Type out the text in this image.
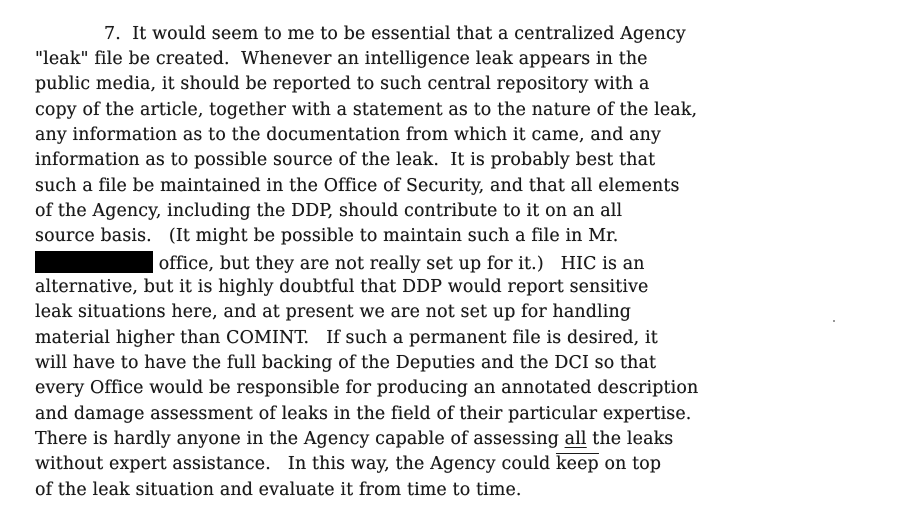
7. It would seem to me to be essential that a centralized Agency

"leak" file be created.  Whenever an intelligence leak appears in the

public media, it should be reported to such central repository with a

copy of the article, together with a statement as to the nature of the leak,

any information as to the documentation from which it came, and any

information as to possible source of the leak.  It is probably best that

such a file be maintained in the Office of Security, and that all elements

of the Agency, including the DDP, should contribute to it on an all

source basis.   (It might be possible to maintain such a file in Mr.

office, but they are not really set up for it.)   HIC is an

alternative, but it is highly doubtful that DDP would report sensitive

leak situations here, and at present we are not set up for handling

material higher than COMINT.   If such a permanent file is desired, it

will have to have the full backing of the Deputies and the DCI so that

every Office would be responsible for producing an annotated description

and damage assessment of leaks in the field of their particular expertise.

There is hardly anyone in the Agency capable of assessing all the leaks

without expert assistance.   In this way, the Agency could keep on top

of the leak situation and evaluate it from time to time.
